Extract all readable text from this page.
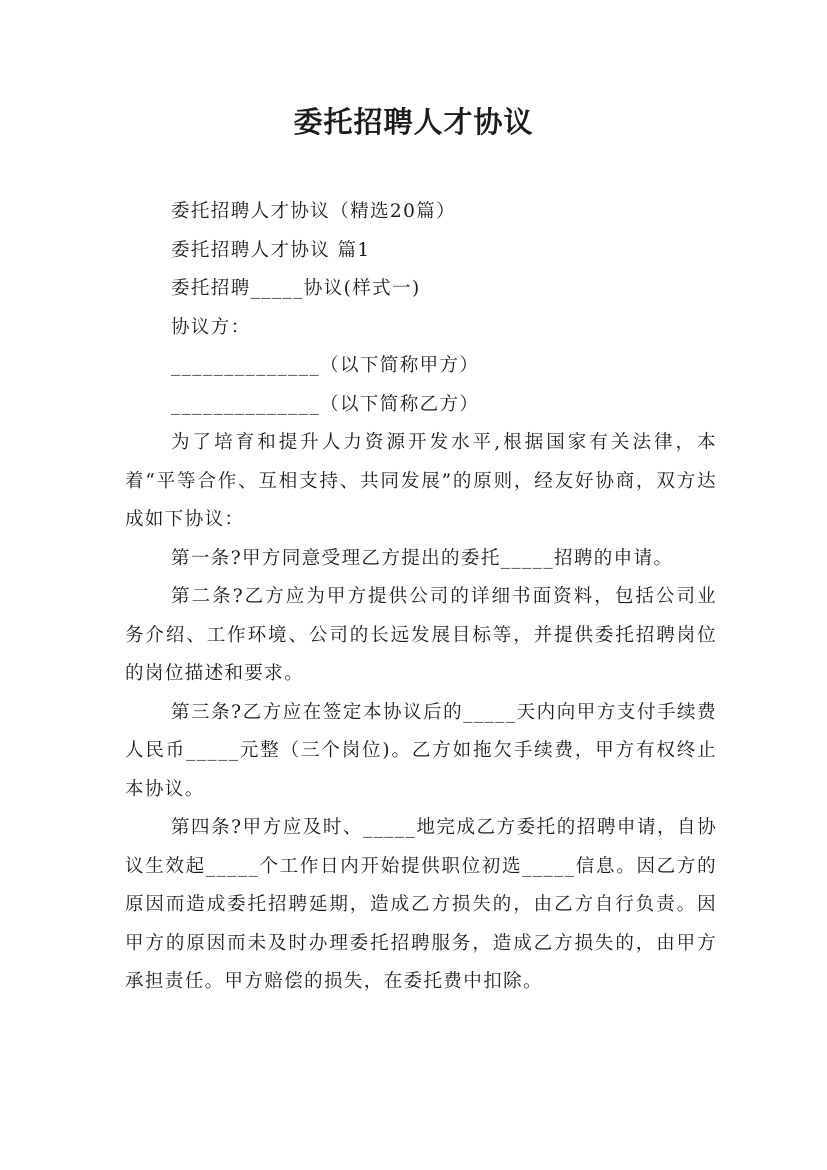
委托招聘人才协议

委托招聘人才协议（精选20篇）

委托招聘人才协议 篇1

委托招聘_____协议(样式一)

协议方：

______________（以下简称甲方）

______________（以下简称乙方）

为了培育和提升人力资源开发水平,根据国家有关法律，本着“平等合作、互相支持、共同发展”的原则，经友好协商，双方达成如下协议：

第一条?甲方同意受理乙方提出的委托_____招聘的申请。

第二条?乙方应为甲方提供公司的详细书面资料，包括公司业务介绍、工作环境、公司的长远发展目标等，并提供委托招聘岗位的岗位描述和要求。

第三条?乙方应在签定本协议后的_____天内向甲方支付手续费人民币_____元整（三个岗位)。乙方如拖欠手续费，甲方有权终止本协议。

第四条?甲方应及时、_____地完成乙方委托的招聘申请，自协议生效起_____个工作日内开始提供职位初选_____信息。因乙方的原因而造成委托招聘延期，造成乙方损失的，由乙方自行负责。因甲方的原因而未及时办理委托招聘服务，造成乙方损失的，由甲方承担责任。甲方赔偿的损失，在委托费中扣除。
